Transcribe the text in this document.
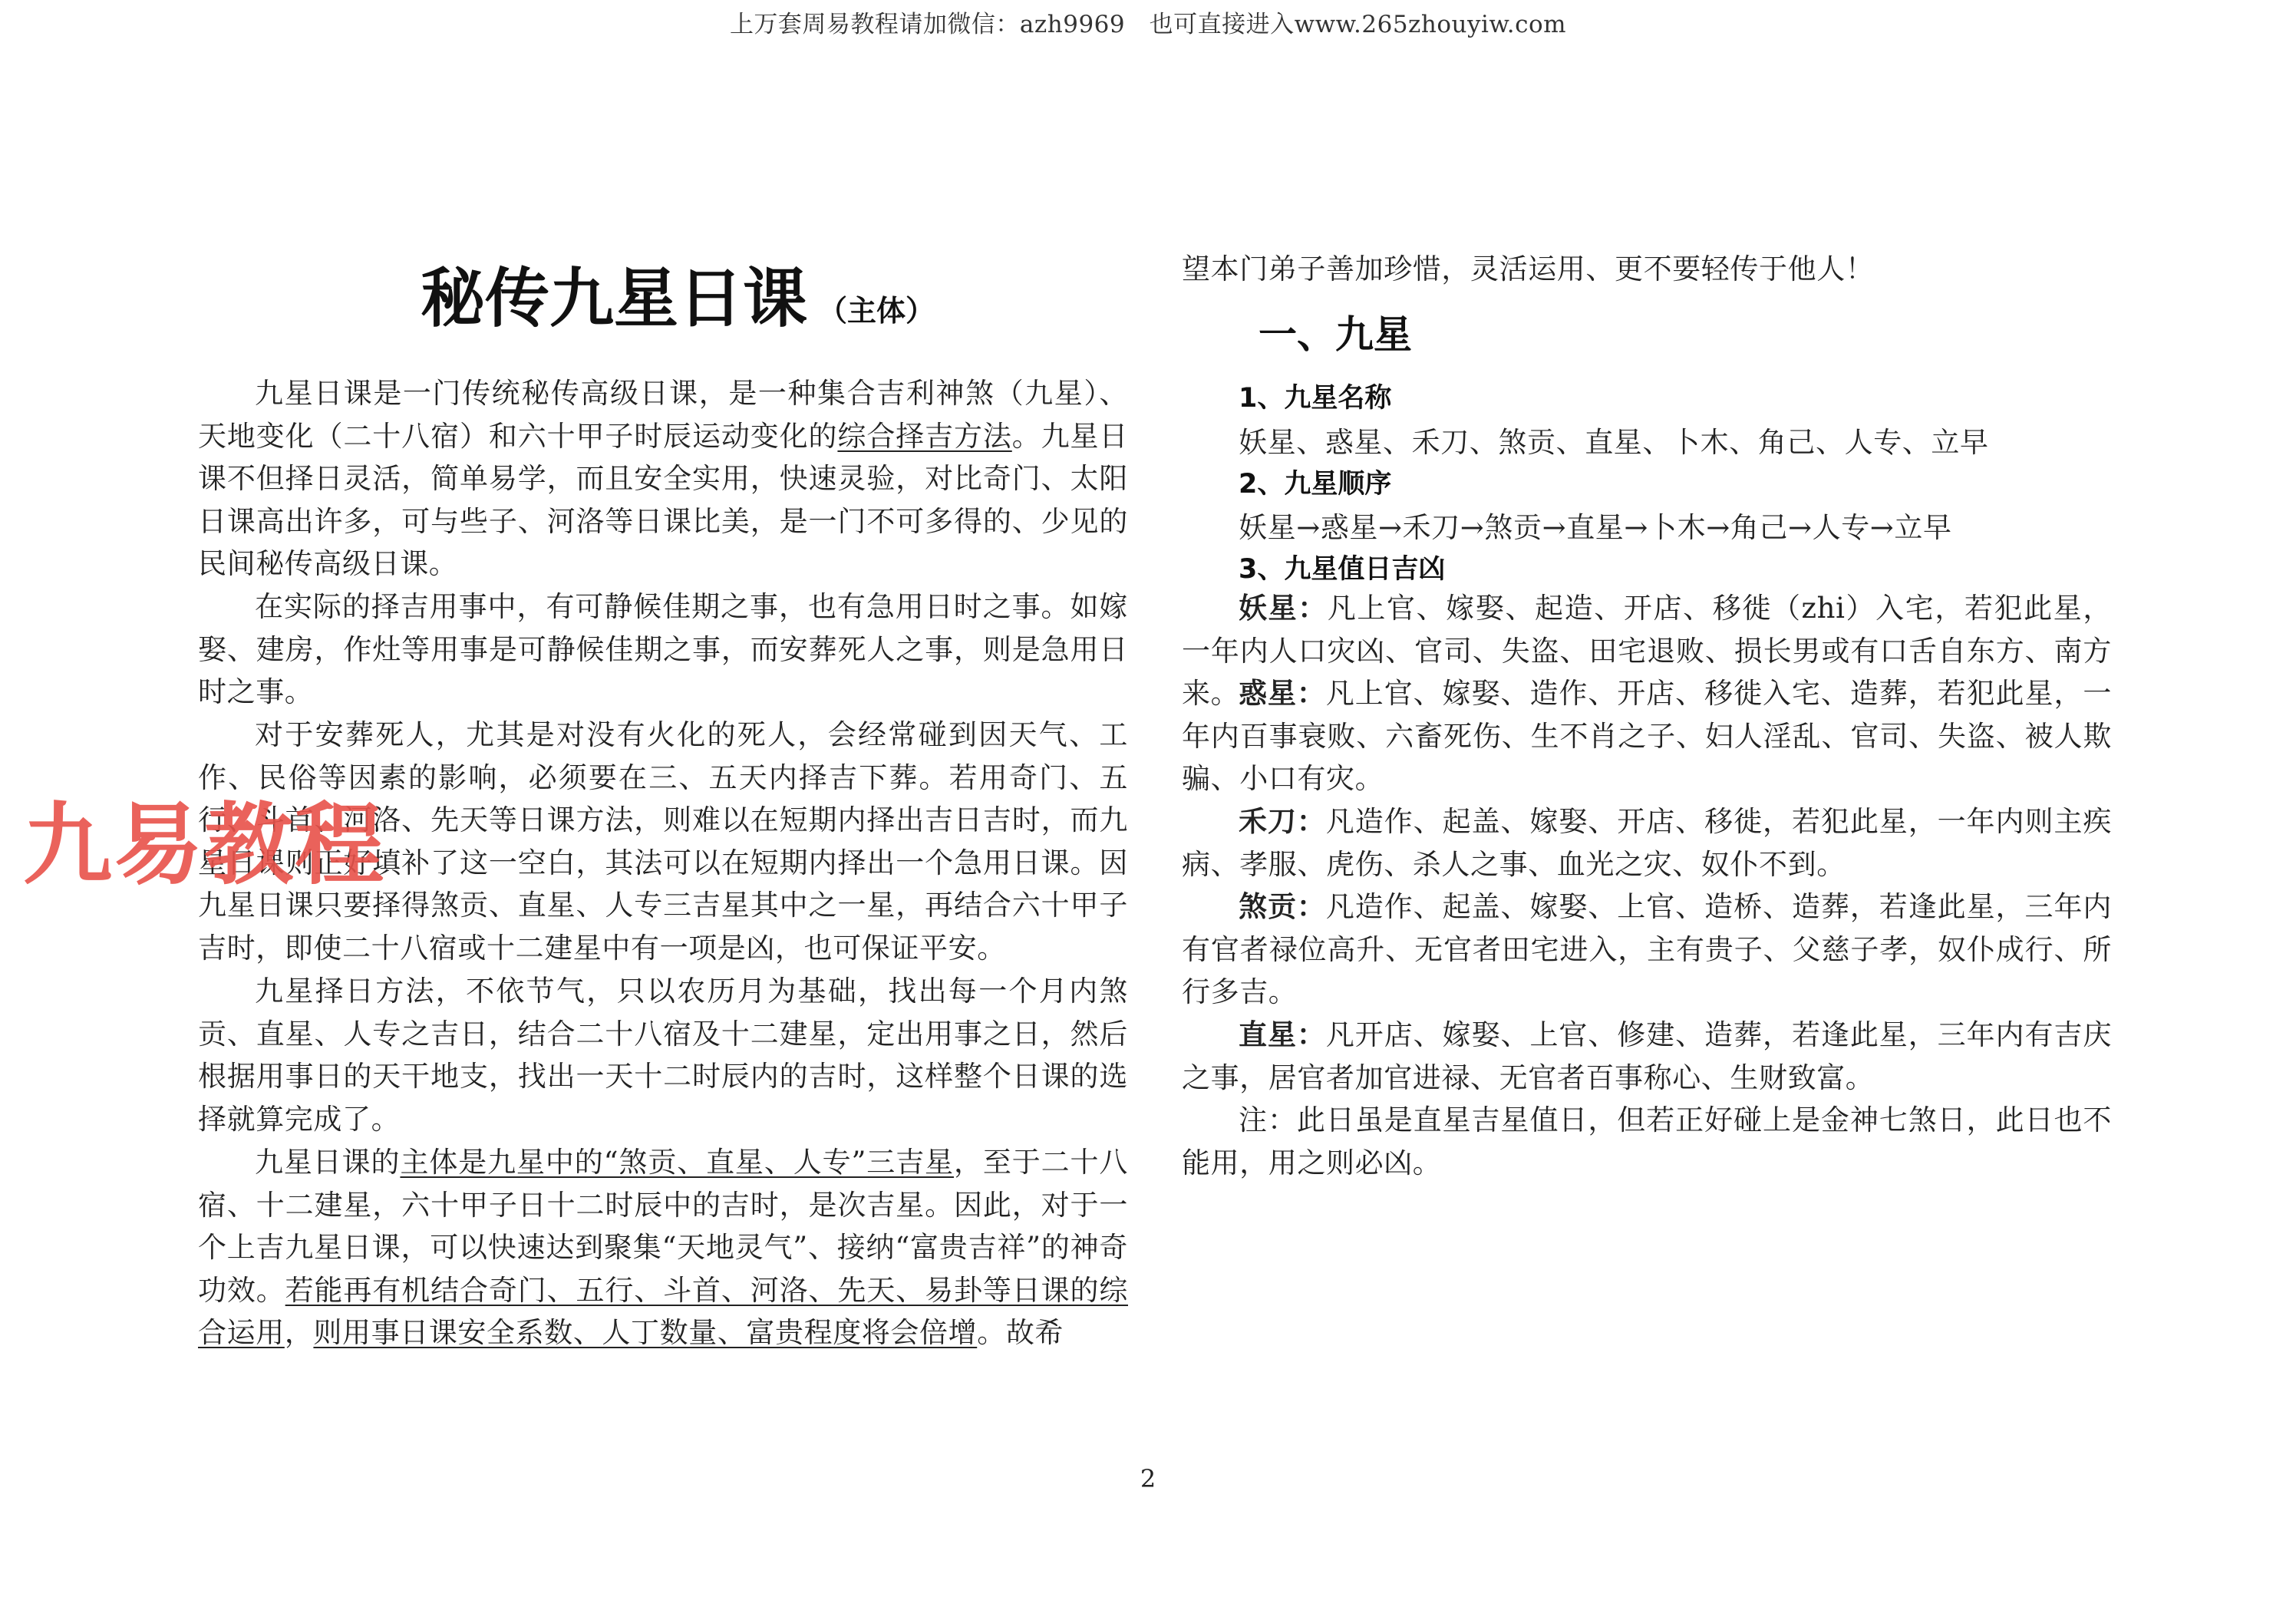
上万套周易教程请加微信：azh9969　也可直接进入www.265zhouyiw.com
秘传九星日课 （主体）

九星日课是一门传统秘传高级日课，是一种集合吉利神煞（九星）、天地变化（二十八宿）和六十甲子时辰运动变化的综合择吉方法。九星日课不但择日灵活，简单易学，而且安全实用，快速灵验，对比奇门、太阳日课高出许多，可与些子、河洛等日课比美，是一门不可多得的、少见的民间秘传高级日课。

在实际的择吉用事中，有可静候佳期之事，也有急用日时之事。如嫁娶、建房，作灶等用事是可静候佳期之事，而安葬死人之事，则是急用日时之事。

对于安葬死人，尤其是对没有火化的死人，会经常碰到因天气、工作、民俗等因素的影响，必须要在三、五天内择吉下葬。若用奇门、五行、斗首、河洛、先天等日课方法，则难以在短期内择出吉日吉时，而九星日课则正好填补了这一空白，其法可以在短期内择出一个急用日课。因九星日课只要择得煞贡、直星、人专三吉星其中之一星，再结合六十甲子吉时，即使二十八宿或十二建星中有一项是凶，也可保证平安。

九星择日方法，不依节气，只以农历月为基础，找出每一个月内煞贡、直星、人专之吉日，结合二十八宿及十二建星，定出用事之日，然后根据用事日的天干地支，找出一天十二时辰内的吉时，这样整个日课的选择就算完成了。

九星日课的主体是九星中的“煞贡、直星、人专”三吉星，至于二十八宿、十二建星，六十甲子日十二时辰中的吉时，是次吉星。因此，对于一个上吉九星日课，可以快速达到聚集“天地灵气”、接纳“富贵吉祥”的神奇功效。若能再有机结合奇门、五行、斗首、河洛、先天、易卦等日课的综合运用，则用事日课安全系数、人丁数量、富贵程度将会倍增。故希

望本门弟子善加珍惜，灵活运用、更不要轻传于他人！

一、九星
1、九星名称

妖星、惑星、禾刀、煞贡、直星、卜木、角己、人专、立早

2、九星顺序

妖星→惑星→禾刀→煞贡→直星→卜木→角己→人专→立早

3、九星值日吉凶

妖星：凡上官、嫁娶、起造、开店、移徙（zhi）入宅，若犯此星，一年内人口灾凶、官司、失盗、田宅退败、损长男或有口舌自东方、南方来。

惑星：凡上官、嫁娶、造作、开店、移徙入宅、造葬，若犯此星，一年内百事衰败、六畜死伤、生不肖之子、妇人淫乱、官司、失盗、被人欺骗、小口有灾。

禾刀：凡造作、起盖、嫁娶、开店、移徙，若犯此星，一年内则主疾病、孝服、虎伤、杀人之事、血光之灾、奴仆不到。

煞贡：凡造作、起盖、嫁娶、上官、造桥、造葬，若逢此星，三年内有官者禄位高升、无官者田宅进入，主有贵子、父慈子孝，奴仆成行、所行多吉。

直星：凡开店、嫁娶、上官、修建、造葬，若逢此星，三年内有吉庆之事，居官者加官进禄、无官者百事称心、生财致富。

注：此日虽是直星吉星值日，但若正好碰上是金神七煞日，此日也不能用，用之则必凶。

九易教程
2
